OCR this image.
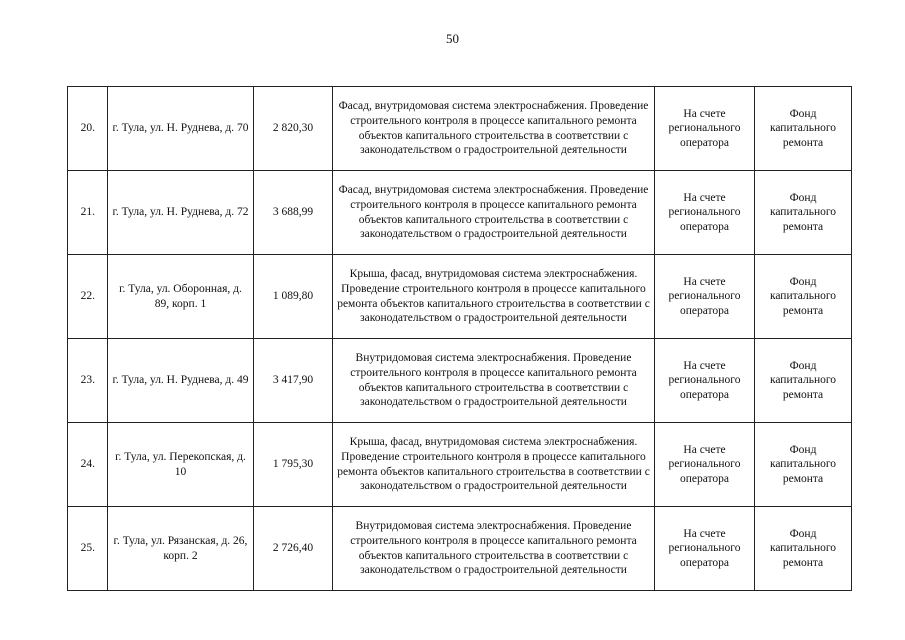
50
20.	г. Тула, ул. Н. Руднева, д. 70	2 820,30	Фасад, внутридомовая система электроснабжения. Проведение строительного контроля в процессе капитального ремонта объектов капитального строительства в соответствии с законодательством о градостроительной деятельности	На счете регионального оператора	Фонд капитального ремонта
21.	г. Тула, ул. Н. Руднева, д. 72	3 688,99	Фасад, внутридомовая система электроснабжения. Проведение строительного контроля в процессе капитального ремонта объектов капитального строительства в соответствии с законодательством о градостроительной деятельности	На счете регионального оператора	Фонд капитального ремонта
22.	г. Тула, ул. Оборонная, д. 89, корп. 1	1 089,80	Крыша, фасад, внутридомовая система электроснабжения. Проведение строительного контроля в процессе капитального ремонта объектов капитального строительства в соответствии с законодательством о градостроительной деятельности	На счете регионального оператора	Фонд капитального ремонта
23.	г. Тула, ул. Н. Руднева, д. 49	3 417,90	Внутридомовая система электроснабжения. Проведение строительного контроля в процессе капитального ремонта объектов капитального строительства в соответствии с законодательством о градостроительной деятельности	На счете регионального оператора	Фонд капитального ремонта
24.	г. Тула, ул. Перекопская, д. 10	1 795,30	Крыша, фасад, внутридомовая система электроснабжения. Проведение строительного контроля в процессе капитального ремонта объектов капитального строительства в соответствии с законодательством о градостроительной деятельности	На счете регионального оператора	Фонд капитального ремонта
25.	г. Тула, ул. Рязанская, д. 26, корп. 2	2 726,40	Внутридомовая система электроснабжения. Проведение строительного контроля в процессе капитального ремонта объектов капитального строительства в соответствии с законодательством о градостроительной деятельности	На счете регионального оператора	Фонд капитального ремонта
